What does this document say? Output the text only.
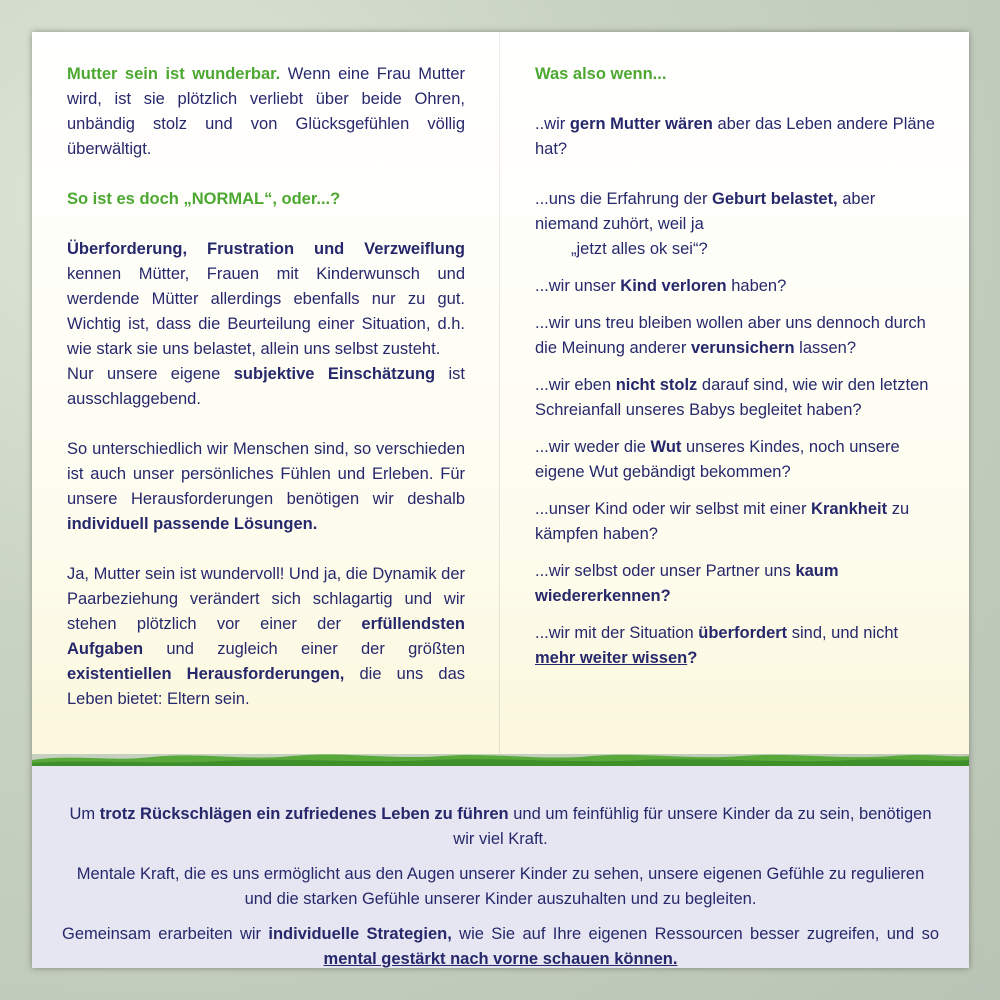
Um trotz Rückschlägen ein zufriedenes Leben zu führen und um feinfühlig für unsere Kinder da zu sein, benötigen wir viel Kraft.

Mentale Kraft, die es uns ermöglicht aus den Augen unserer Kinder zu sehen, unsere eigenen Gefühle zu regulieren und die starken Gefühle unserer Kinder auszuhalten und zu begleiten.

Gemeinsam erarbeiten wir individuelle Strategien, wie Sie auf Ihre eigenen Ressourcen besser zugreifen, und so mental gestärkt nach vorne schauen können.

Mutter sein ist wunderbar. Wenn eine Frau Mutter wird, ist sie plötzlich verliebt über beide Ohren, unbändig stolz und von Glücksgefühlen völlig überwältigt.

So ist es doch „NORMAL“, oder...?

Überforderung, Frustration und Verzweiflung kennen Mütter, Frauen mit Kinderwunsch und werdende Mütter allerdings ebenfalls nur zu gut. Wichtig ist, dass die Beurteilung einer Situation, d.h. wie stark sie uns belastet, allein uns selbst zusteht.

Nur unsere eigene subjektive Einschätzung ist ausschlaggebend.

So unterschiedlich wir Menschen sind, so verschieden ist auch unser persönliches Fühlen und Erleben. Für unsere Herausforderungen benötigen wir deshalb individuell passende Lösungen.

Ja, Mutter sein ist wundervoll! Und ja, die Dynamik der Paarbeziehung verändert sich schlagartig und wir stehen plötzlich vor einer der erfüllendsten Aufgaben und zugleich einer der größten existentiellen Herausforderungen, die uns das Leben bietet: Eltern sein.

Was also wenn...

..wir gern Mutter wären aber das Leben andere Pläne hat?

...uns die Erfahrung der Geburt belastet, aber niemand zuhört, weil ja
„jetzt alles ok sei“?

...wir unser Kind verloren haben?

...wir uns treu bleiben wollen aber uns dennoch durch die Meinung anderer verunsichern lassen?

...wir eben nicht stolz darauf sind, wie wir den letzten Schreianfall unseres Babys begleitet haben?

...wir weder die Wut unseres Kindes, noch unsere eigene Wut gebändigt bekommen?

...unser Kind oder wir selbst mit einer Krankheit zu kämpfen haben?

...wir selbst oder unser Partner uns kaum wiedererkennen?

...wir mit der Situation überfordert sind, und nicht mehr weiter wissen?
